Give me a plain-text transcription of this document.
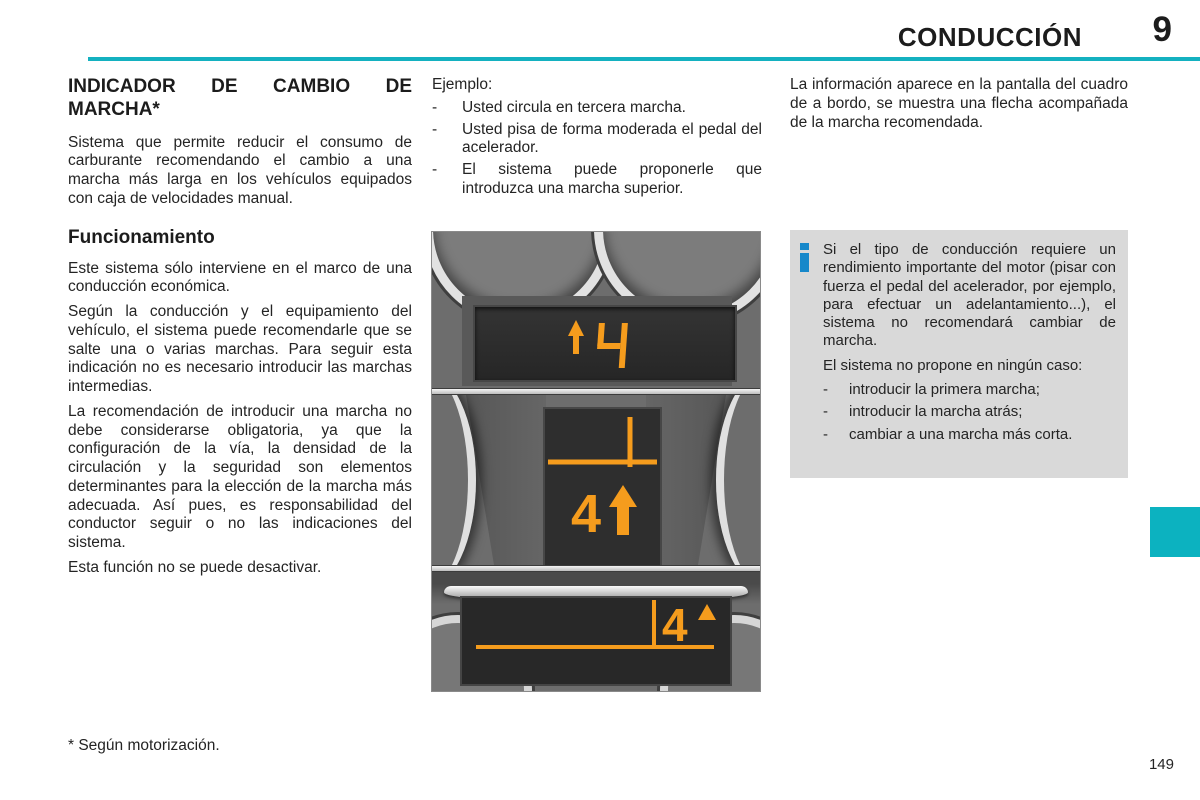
CONDUCCIÓN 9
INDICADOR DE CAMBIO DE MARCHA*

Sistema que permite reducir el consumo de carburante recomendando el cambio a una marcha más larga en los vehículos equipados con caja de velocidades manual.

Funcionamiento

Este sistema sólo interviene en el marco de una conducción económica.

Según la conducción y el equipamiento del vehículo, el sistema puede recomendarle que se salte una o varias marchas. Para seguir esta indicación no es necesario introducir las marchas intermedias.

La recomendación de introducir una marcha no debe considerarse obligatoria, ya que la configuración de la vía, la densidad de la circulación y la seguridad son elementos determinantes para la elección de la marcha más adecuada. Así pues, es responsabilidad del conductor seguir o no las indicaciones del sistema.

Esta función no se puede desactivar.

Ejemplo:

-	Usted circula en tercera marcha.
-	Usted pisa de forma moderada el pedal del acelerador.
-	El sistema puede proponerle que introduzca una marcha superior.

La información aparece en la pantalla del cuadro de a bordo, se muestra una flecha acompañada de la marcha recomendada.

Si el tipo de conducción requiere un rendimiento importante del motor (pisar con fuerza el pedal del acelerador, por ejemplo, para efectuar un adelantamiento...), el sistema no recomendará cambiar de marcha.

El sistema no propone en ningún caso:

-	introducir la primera marcha;
-	introducir la marcha atrás;
-	cambiar a una marcha más corta.
4
4
* Según motorización.
149
